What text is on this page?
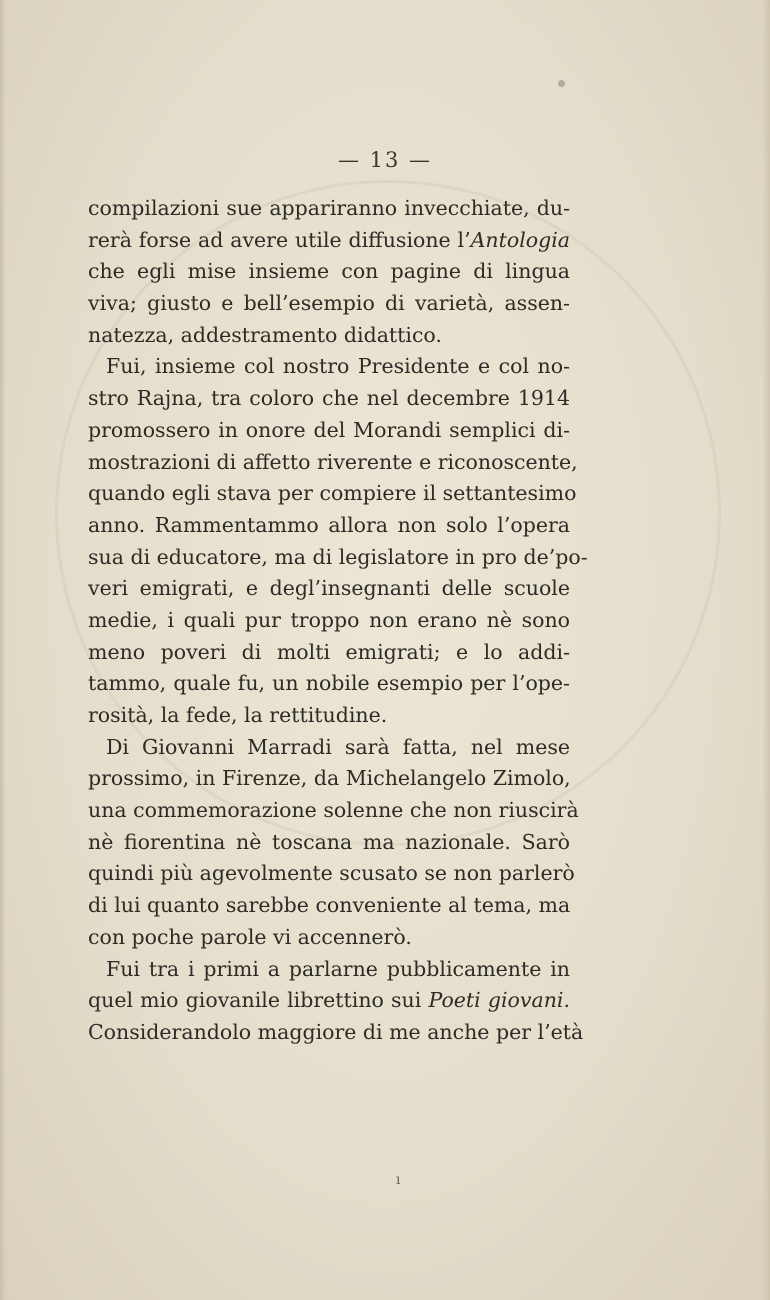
— 13 —
compilazioni sue appariranno invecchiate, du-
rerà forse ad avere utile diffusione l’Antologia
che egli mise insieme con pagine di lingua
viva; giusto e bell’esempio di varietà, assen-
natezza, addestramento didattico.
Fui, insieme col nostro Presidente e col no-
stro Rajna, tra coloro che nel decembre 1914
promossero in onore del Morandi semplici di-
mostrazioni di affetto riverente e riconoscente,
quando egli stava per compiere il settantesimo
anno. Rammentammo allora non solo l’opera
sua di educatore, ma di legislatore in pro de’po-
veri emigrati, e degl’insegnanti delle scuole
medie, i quali pur troppo non erano nè sono
meno poveri di molti emigrati; e lo addi-
tammo, quale fu, un nobile esempio per l’ope-
rosità, la fede, la rettitudine.
Di Giovanni Marradi sarà fatta, nel mese
prossimo, in Firenze, da Michelangelo Zimolo,
una commemorazione solenne che non riuscirà
nè fiorentina nè toscana ma nazionale. Sarò
quindi più agevolmente scusato se non parlerò
di lui quanto sarebbe conveniente al tema, ma
con poche parole vi accennerò.
Fui tra i primi a parlarne pubblicamente in
quel mio giovanile librettino sui Poeti giovani.
Considerandolo maggiore di me anche per l’età
ı
